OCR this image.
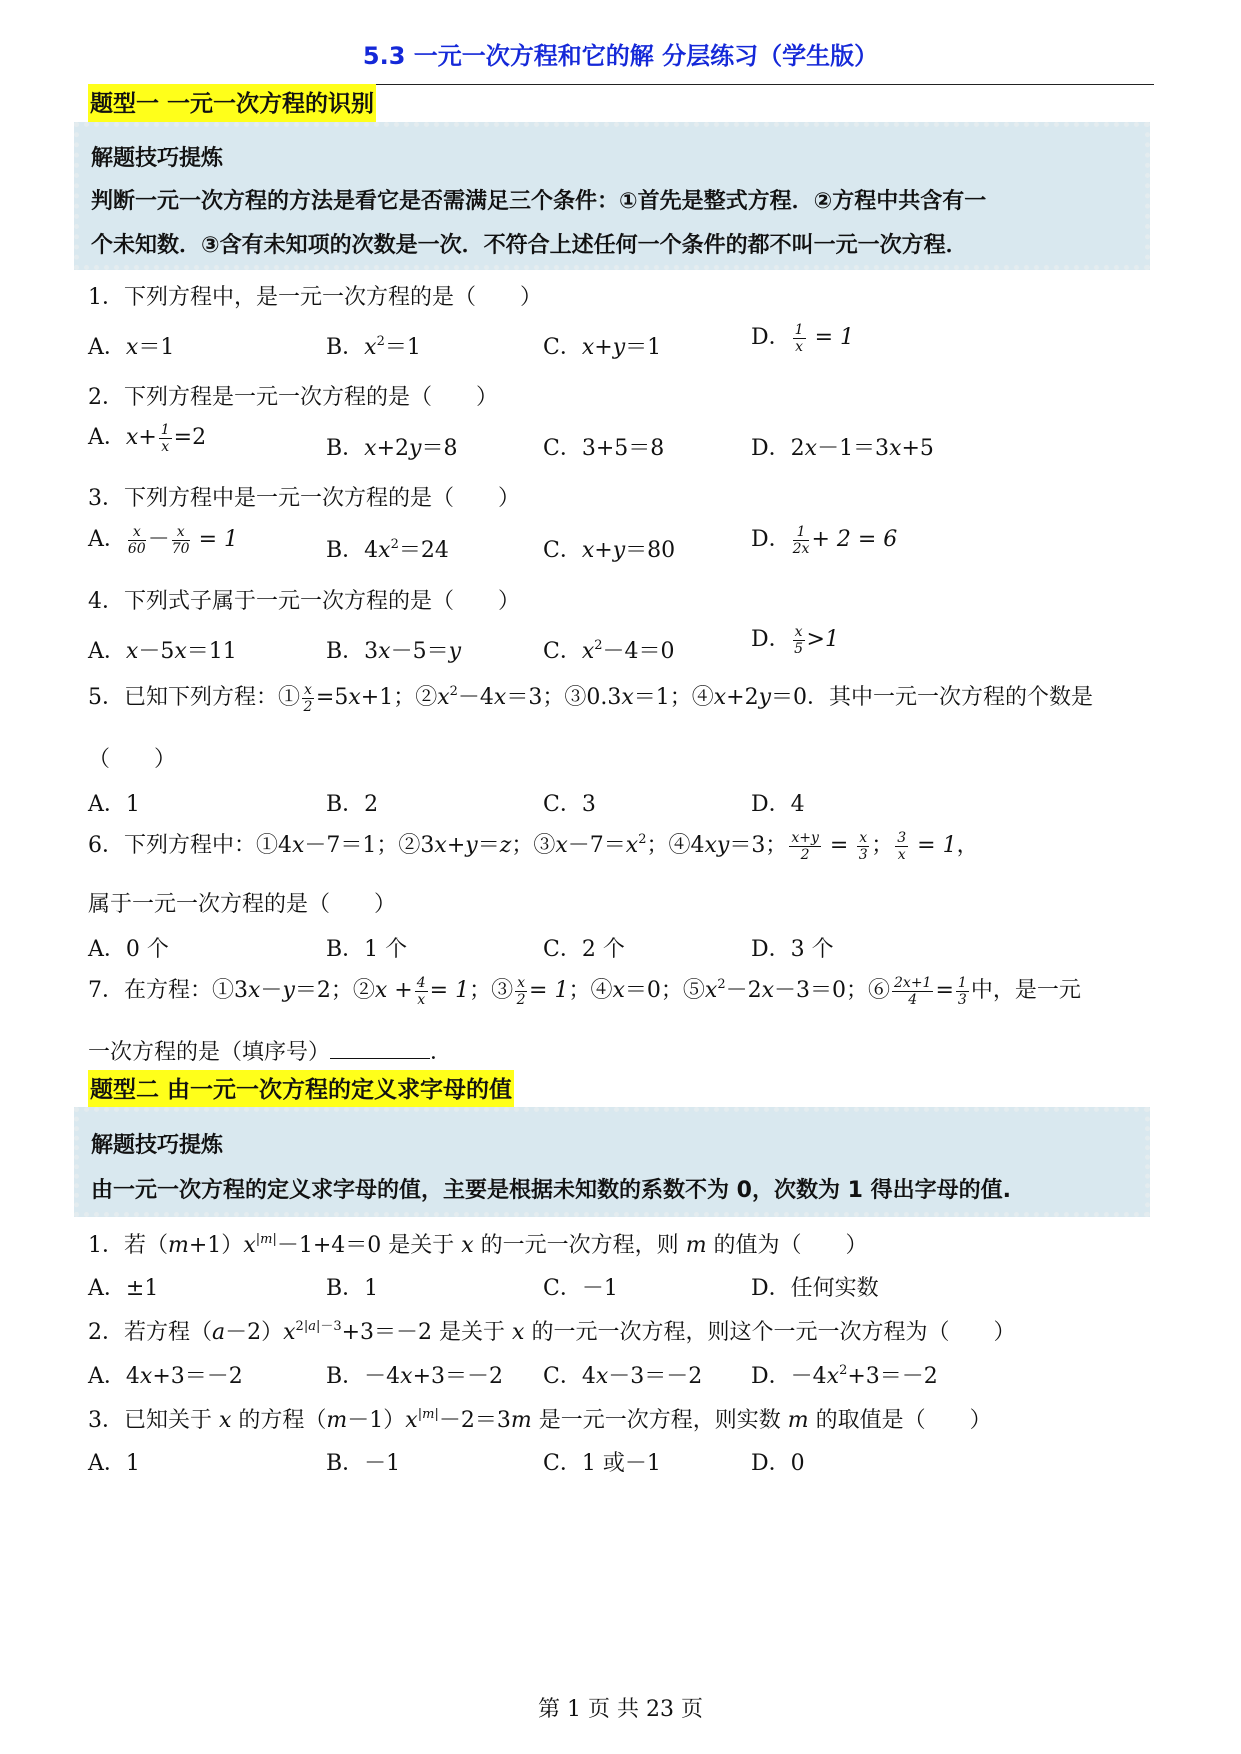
5.3 一元一次方程和它的解 分层练习（学生版）
题型一 一元一次方程的识别
解题技巧提炼
判断一元一次方程的方法是看它是否需满足三个条件：①首先是整式方程．②方程中共含有一
个未知数．③含有未知项的次数是一次．不符合上述任何一个条件的都不叫一元一次方程．
1．下列方程中，是一元一次方程的是（　　）
A．x＝1	B．$x^2=1$	C．x+y＝1	D． $\frac{1}{x} = 1$
2．下列方程是一元一次方程的是（　　）
A．$x+ \frac{1}{x} =2$	B．x+2y＝8	C．3+5＝8	D．2x－1＝3x+5
3．下列方程中是一元一次方程的是（　　）
A． $\frac{x}{60} - \frac{x}{70} = 1$	B．$4x^2=24$	C．x+y＝80	D． $\frac{1}{2x} + 2 = 6$
4．下列式子属于一元一次方程的是（　　）
A．x－5x＝11	B．3x－5＝y	C．$x^2-4=0$	D． $\frac{x}{5} >1$
5．已知下列方程：① $\frac{x}{2} =5x+1$；$②x^2-4x=3$；③0.3x＝1；④x+2y＝0．其中一元一次方程的个数是
（　　）
A．1	B．2	C．3	D．4
6．下列方程中：①4x－7＝1；②3x+y＝z；$③x-7=x^2$；④4xy＝3； $\frac{x+y}{2} = \frac{x}{3}$ ； $\frac{3}{x} = 1$，
属于一元一次方程的是（　　）
A．0 个	B．1 个	C．2 个	D．3 个
7．在方程：①3x－y＝2；②x + $\frac{4}{x} = 1$；③ $\frac{x}{2} = 1$；④x＝0；$⑤x^2-2x-3=0$；⑥ $\frac{2x+1}{4} = \frac{1}{3}$ 中，是一元
一次方程的是（填序号）	．
题型二 由一元一次方程的定义求字母的值
解题技巧提炼
由一元一次方程的定义求字母的值，主要是根据未知数的系数不为 0，次数为 1 得出字母的值.
1．若$(m+1)x^{|m|}-1+4=0$ 是关于 x 的一元一次方程，则 m 的值为（　　）
A．±1	B．1	C．－1	D．任何实数
2．若方程$(a-2)x^{2|a|-3}+3=-2$ 是关于 x 的一元一次方程，则这个一元一次方程为（　　）
A．4x+3＝－2	B．－4x+3＝－2 C．4x－3＝－2 D．$-4x^2+3=-2$
3．已知关于 x 的方程$(m-1)x^{|m|}-2=3m$ 是一元一次方程，则实数 m 的取值是（　　）
A．1	B．－1	C．1 或－1	D．0
第 1 页 共 23 页
